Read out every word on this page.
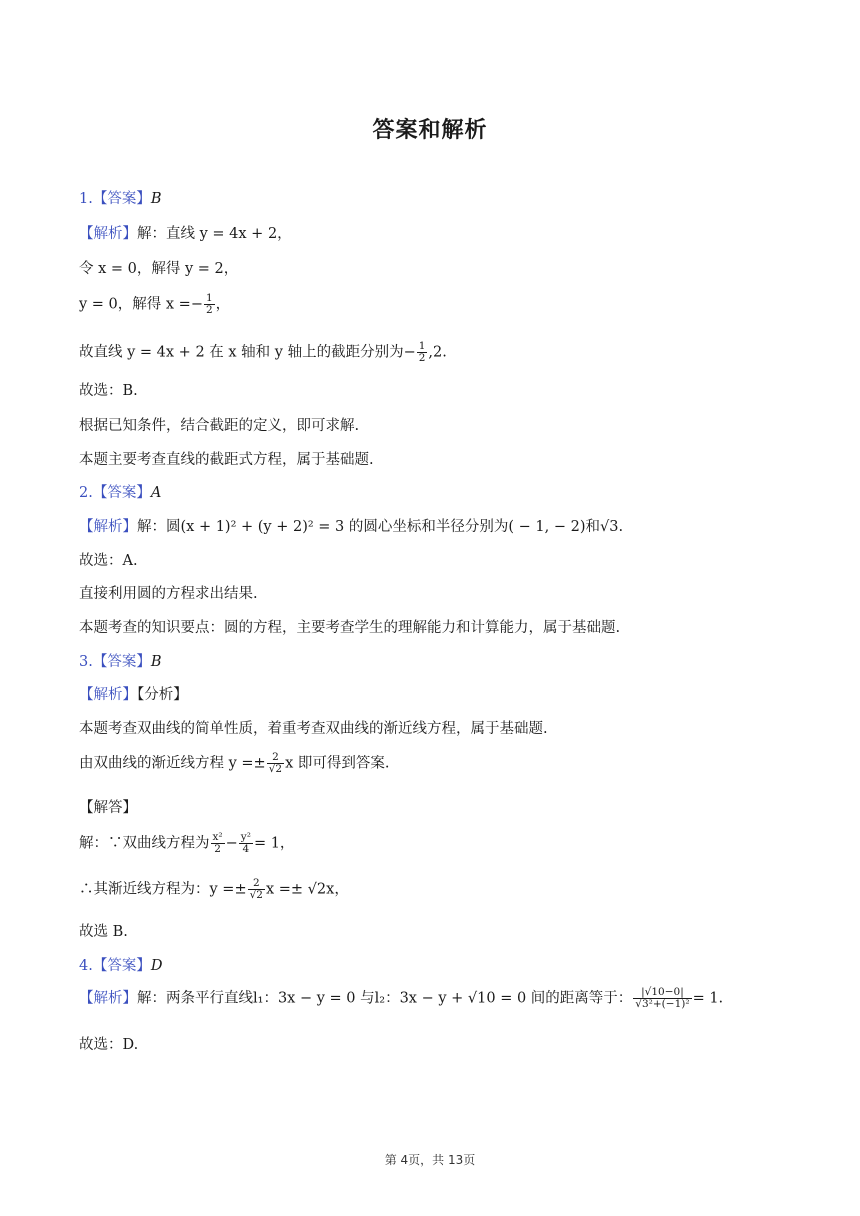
答案和解析
1.【答案】B
【解析】解：直线 y = 4x + 2，
令 x = 0，解得 y = 2，
y = 0，解得 $x =- \frac{1}{2}$ ，
故直线 y = 4x + 2 在 x 轴和 y 轴上的截距分别为− $\frac{1}{2} ,2$.
故选：B.
根据已知条件，结合截距的定义，即可求解.
本题主要考查直线的截距式方程，属于基础题.
2.【答案】A
【解析】解：圆(x + 1)² + (y + 2)² = 3 的圆心坐标和半径分别为( − 1, − 2)和√3.
故选：A.
直接利用圆的方程求出结果.
本题考查的知识要点：圆的方程，主要考查学生的理解能力和计算能力，属于基础题.
3.【答案】B
【解析】【分析】
本题考查双曲线的简单性质，着重考查双曲线的渐近线方程，属于基础题.
由双曲线的渐近线方程 $y =\pm \frac{2}{√2}$ x 即可得到答案.
【解答】
解：∵双曲线方程为 $\frac{\text{x²}}{2} - \frac{\text{y²}}{4} = 1$，
∴其渐近线方程为：$y =\pm \frac{2}{√2}$ x =± √2x，
故选 B.
4.【答案】D
【解析】解：两条平行直线l₁：3x − y = 0 与l₂：3x − y + √10 = 0 间的距离等于： $\frac{|√10-0|}{\text{√3²+(−1)²}} = 1$.
故选：D.
第 4页，共 13页
